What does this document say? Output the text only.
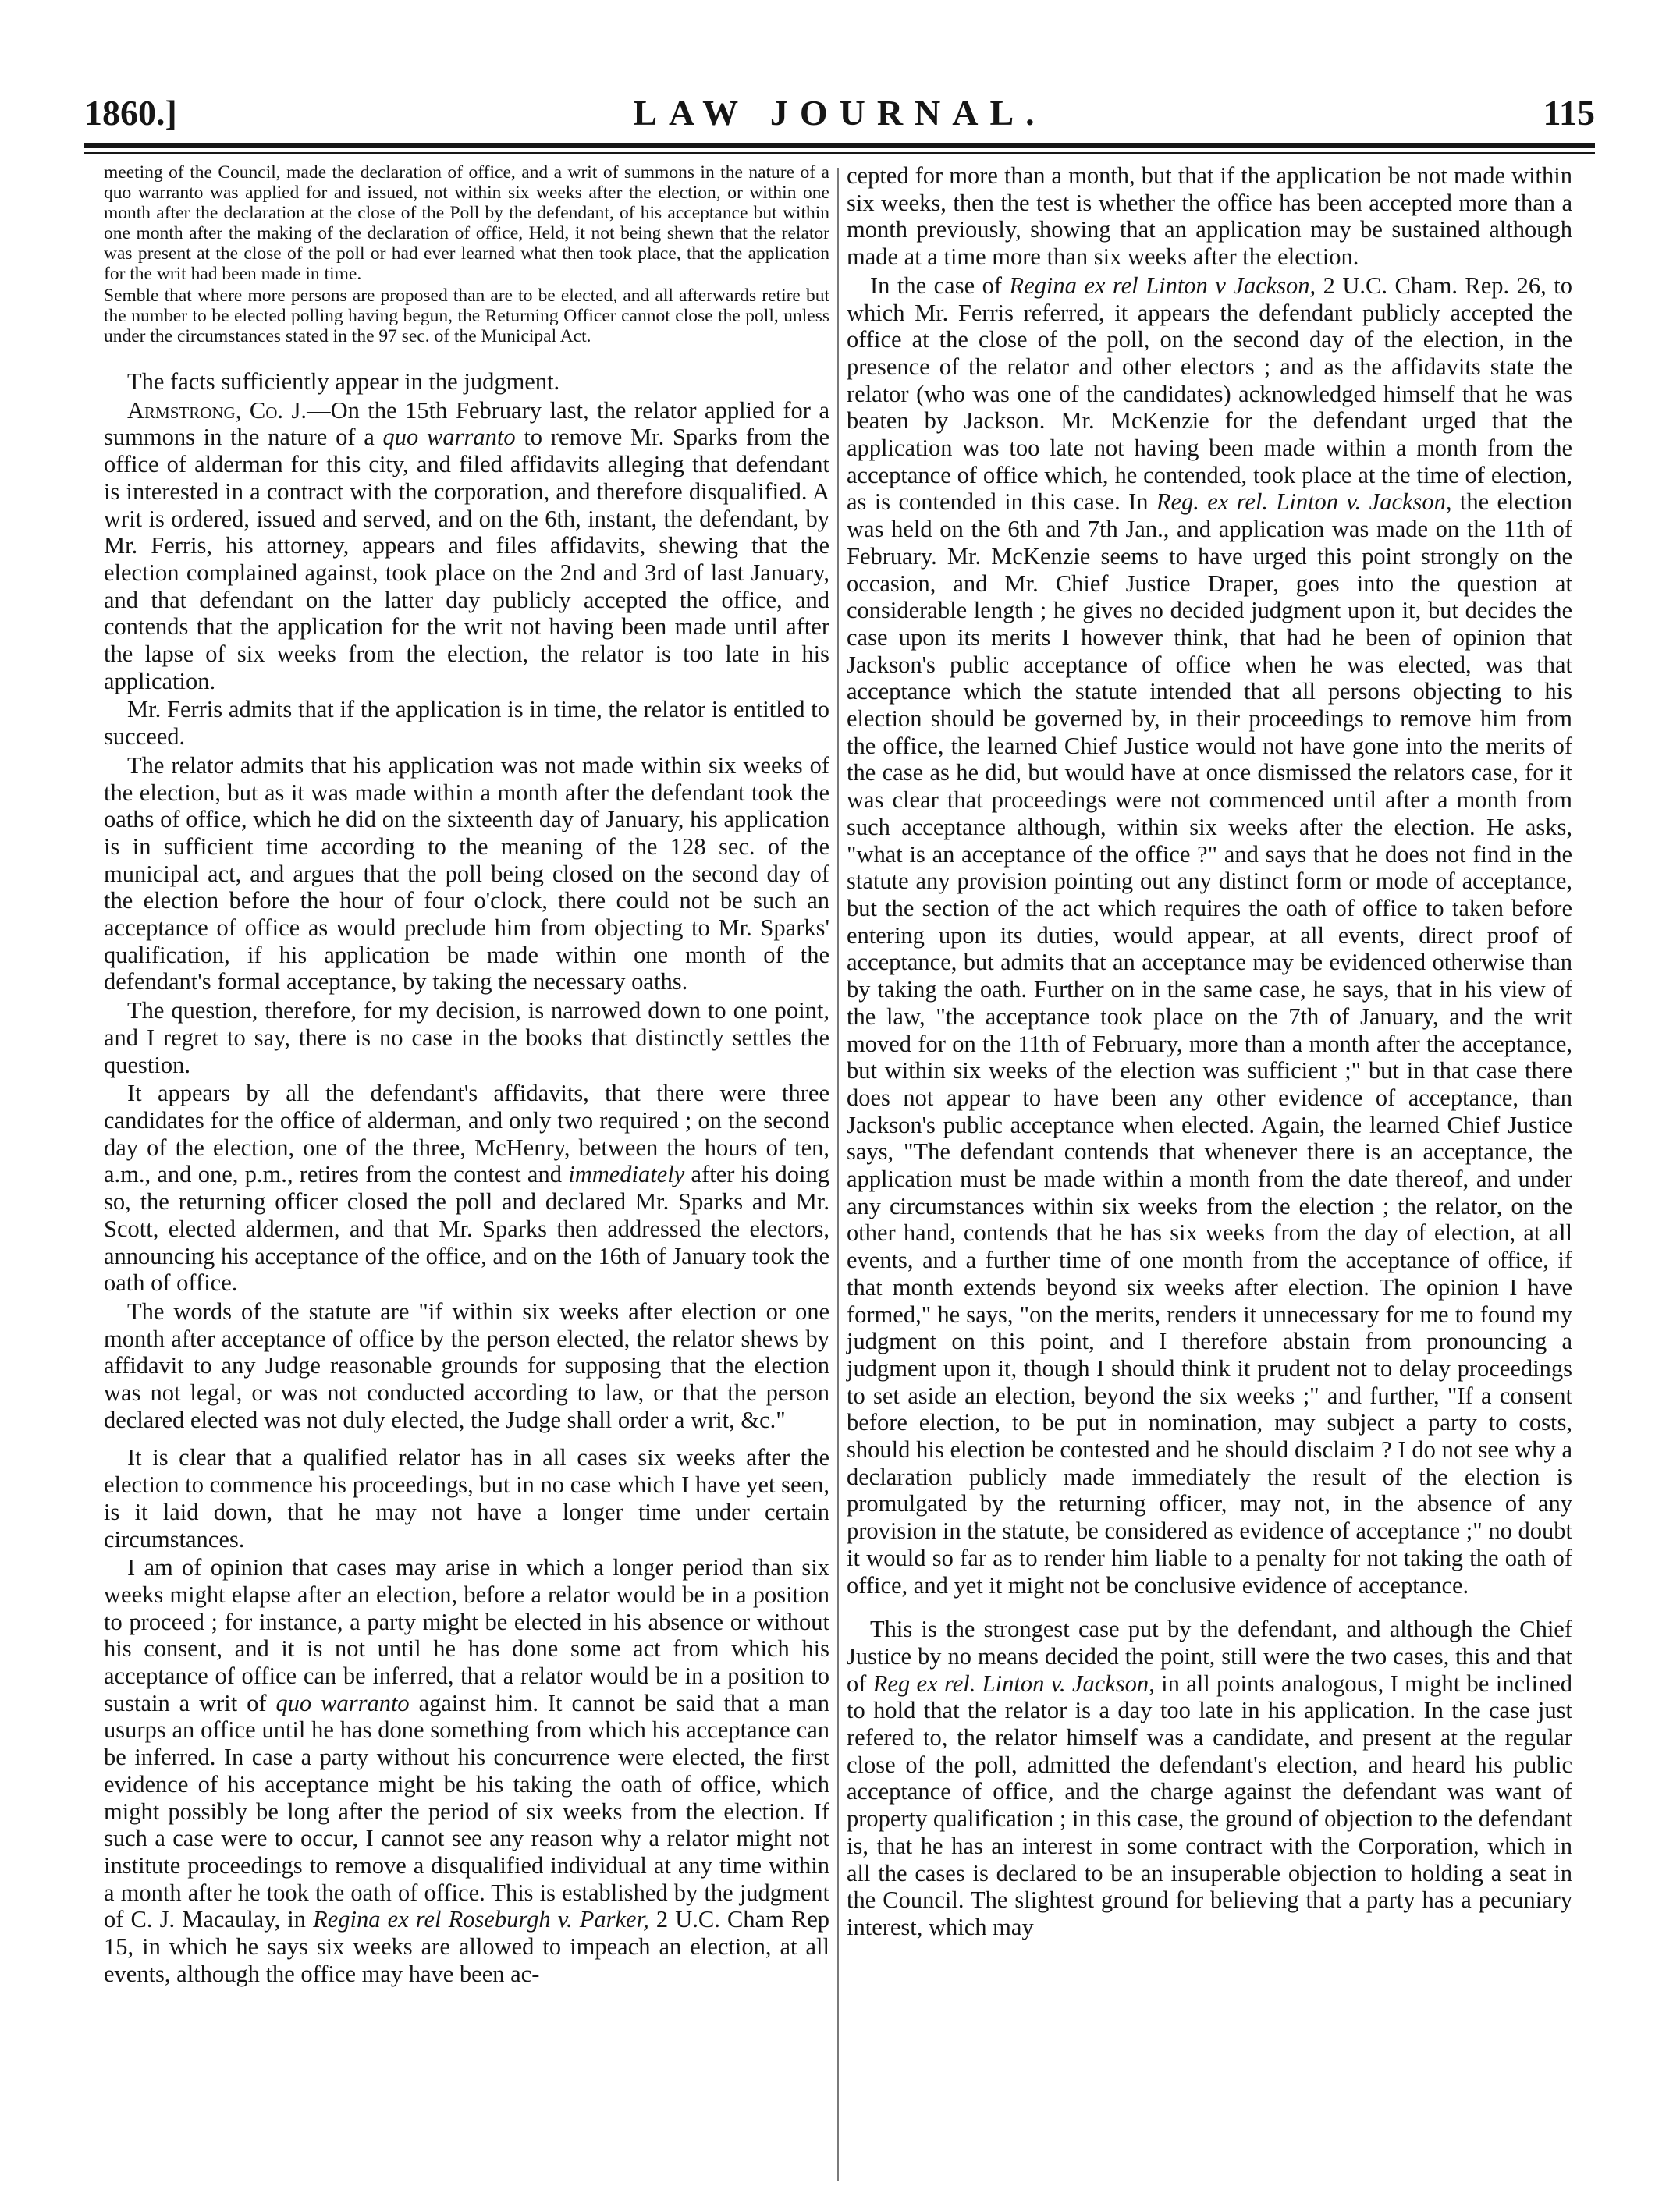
1860.]	LAW JOURNAL.	115

meeting of the Council, made the declaration of office, and a writ of summons in the nature of a quo warranto was applied for and issued, not within six weeks after the election, or within one month after the declaration at the close of the Poll by the defendant, of his acceptance but within one month after the making of the declaration of office, Held, it not being shewn that the relator was present at the close of the poll or had ever learned what then took place, that the application for the writ had been made in time.

Semble that where more persons are proposed than are to be elected, and all afterwards retire but the number to be elected polling having begun, the Returning Officer cannot close the poll, unless under the circumstances stated in the 97 sec. of the Municipal Act.

The facts sufficiently appear in the judgment.

Armstrong, Co. J.—On the 15th February last, the relator applied for a summons in the nature of a quo warranto to remove Mr. Sparks from the office of alderman for this city, and filed affidavits alleging that defendant is interested in a contract with the corporation, and therefore disqualified. A writ is ordered, issued and served, and on the 6th, instant, the defendant, by Mr. Ferris, his attorney, appears and files affidavits, shewing that the election complained against, took place on the 2nd and 3rd of last January, and that defendant on the latter day publicly accepted the office, and contends that the application for the writ not having been made until after the lapse of six weeks from the election, the relator is too late in his application.

Mr. Ferris admits that if the application is in time, the relator is entitled to succeed.

The relator admits that his application was not made within six weeks of the election, but as it was made within a month after the defendant took the oaths of office, which he did on the sixteenth day of January, his application is in sufficient time according to the meaning of the 128 sec. of the municipal act, and argues that the poll being closed on the second day of the election before the hour of four o'clock, there could not be such an acceptance of office as would preclude him from objecting to Mr. Sparks' qualification, if his application be made within one month of the defendant's formal acceptance, by taking the necessary oaths.

The question, therefore, for my decision, is narrowed down to one point, and I regret to say, there is no case in the books that distinctly settles the question.

It appears by all the defendant's affidavits, that there were three candidates for the office of alderman, and only two required ; on the second day of the election, one of the three, McHenry, between the hours of ten, a.m., and one, p.m., retires from the contest and immediately after his doing so, the returning officer closed the poll and declared Mr. Sparks and Mr. Scott, elected aldermen, and that Mr. Sparks then addressed the electors, announcing his acceptance of the office, and on the 16th of January took the oath of office.

The words of the statute are "if within six weeks after election or one month after acceptance of office by the person elected, the relator shews by affidavit to any Judge reasonable grounds for supposing that the election was not legal, or was not conducted according to law, or that the person declared elected was not duly elected, the Judge shall order a writ, &c."

It is clear that a qualified relator has in all cases six weeks after the election to commence his proceedings, but in no case which I have yet seen, is it laid down, that he may not have a longer time under certain circumstances.

I am of opinion that cases may arise in which a longer period than six weeks might elapse after an election, before a relator would be in a position to proceed ; for instance, a party might be elected in his absence or without his consent, and it is not until he has done some act from which his acceptance of office can be inferred, that a relator would be in a position to sustain a writ of quo warranto against him. It cannot be said that a man usurps an office until he has done something from which his acceptance can be inferred. In case a party without his concurrence were elected, the first evidence of his acceptance might be his taking the oath of office, which might possibly be long after the period of six weeks from the election. If such a case were to occur, I cannot see any reason why a relator might not institute proceedings to remove a disqualified individual at any time within a month after he took the oath of office. This is established by the judgment of C. J. Macaulay, in Regina ex rel Roseburgh v. Parker, 2 U.C. Cham Rep 15, in which he says six weeks are allowed to impeach an election, at all events, although the office may have been ac-

cepted for more than a month, but that if the application be not made within six weeks, then the test is whether the office has been accepted more than a month previously, showing that an application may be sustained although made at a time more than six weeks after the election.

In the case of Regina ex rel Linton v Jackson, 2 U.C. Cham. Rep. 26, to which Mr. Ferris referred, it appears the defendant publicly accepted the office at the close of the poll, on the second day of the election, in the presence of the relator and other electors ; and as the affidavits state the relator (who was one of the candidates) acknowledged himself that he was beaten by Jackson. Mr. McKenzie for the defendant urged that the application was too late not having been made within a month from the acceptance of office which, he contended, took place at the time of election, as is contended in this case. In Reg. ex rel. Linton v. Jackson, the election was held on the 6th and 7th Jan., and application was made on the 11th of February. Mr. McKenzie seems to have urged this point strongly on the occasion, and Mr. Chief Justice Draper, goes into the question at considerable length ; he gives no decided judgment upon it, but decides the case upon its merits I however think, that had he been of opinion that Jackson's public acceptance of office when he was elected, was that acceptance which the statute intended that all persons objecting to his election should be governed by, in their proceedings to remove him from the office, the learned Chief Justice would not have gone into the merits of the case as he did, but would have at once dismissed the relators case, for it was clear that proceedings were not commenced until after a month from such acceptance although, within six weeks after the election. He asks, "what is an acceptance of the office ?" and says that he does not find in the statute any provision pointing out any distinct form or mode of acceptance, but the section of the act which requires the oath of office to taken before entering upon its duties, would appear, at all events, direct proof of acceptance, but admits that an acceptance may be evidenced otherwise than by taking the oath. Further on in the same case, he says, that in his view of the law, "the acceptance took place on the 7th of January, and the writ moved for on the 11th of February, more than a month after the acceptance, but within six weeks of the election was sufficient ;" but in that case there does not appear to have been any other evidence of acceptance, than Jackson's public acceptance when elected. Again, the learned Chief Justice says, "The defendant contends that whenever there is an acceptance, the application must be made within a month from the date thereof, and under any circumstances within six weeks from the election ; the relator, on the other hand, contends that he has six weeks from the day of election, at all events, and a further time of one month from the acceptance of office, if that month extends beyond six weeks after election. The opinion I have formed," he says, "on the merits, renders it unnecessary for me to found my judgment on this point, and I therefore abstain from pronouncing a judgment upon it, though I should think it prudent not to delay proceedings to set aside an election, beyond the six weeks ;" and further, "If a consent before election, to be put in nomination, may subject a party to costs, should his election be contested and he should disclaim ? I do not see why a declaration publicly made immediately the result of the election is promulgated by the returning officer, may not, in the absence of any provision in the statute, be considered as evidence of acceptance ;" no doubt it would so far as to render him liable to a penalty for not taking the oath of office, and yet it might not be conclusive evidence of acceptance.

This is the strongest case put by the defendant, and although the Chief Justice by no means decided the point, still were the two cases, this and that of Reg ex rel. Linton v. Jackson, in all points analogous, I might be inclined to hold that the relator is a day too late in his application. In the case just refered to, the relator himself was a candidate, and present at the regular close of the poll, admitted the defendant's election, and heard his public acceptance of office, and the charge against the defendant was want of property qualification ; in this case, the ground of objection to the defendant is, that he has an interest in some contract with the Corporation, which in all the cases is declared to be an insuperable objection to holding a seat in the Council. The slightest ground for believing that a party has a pecuniary interest, which may
